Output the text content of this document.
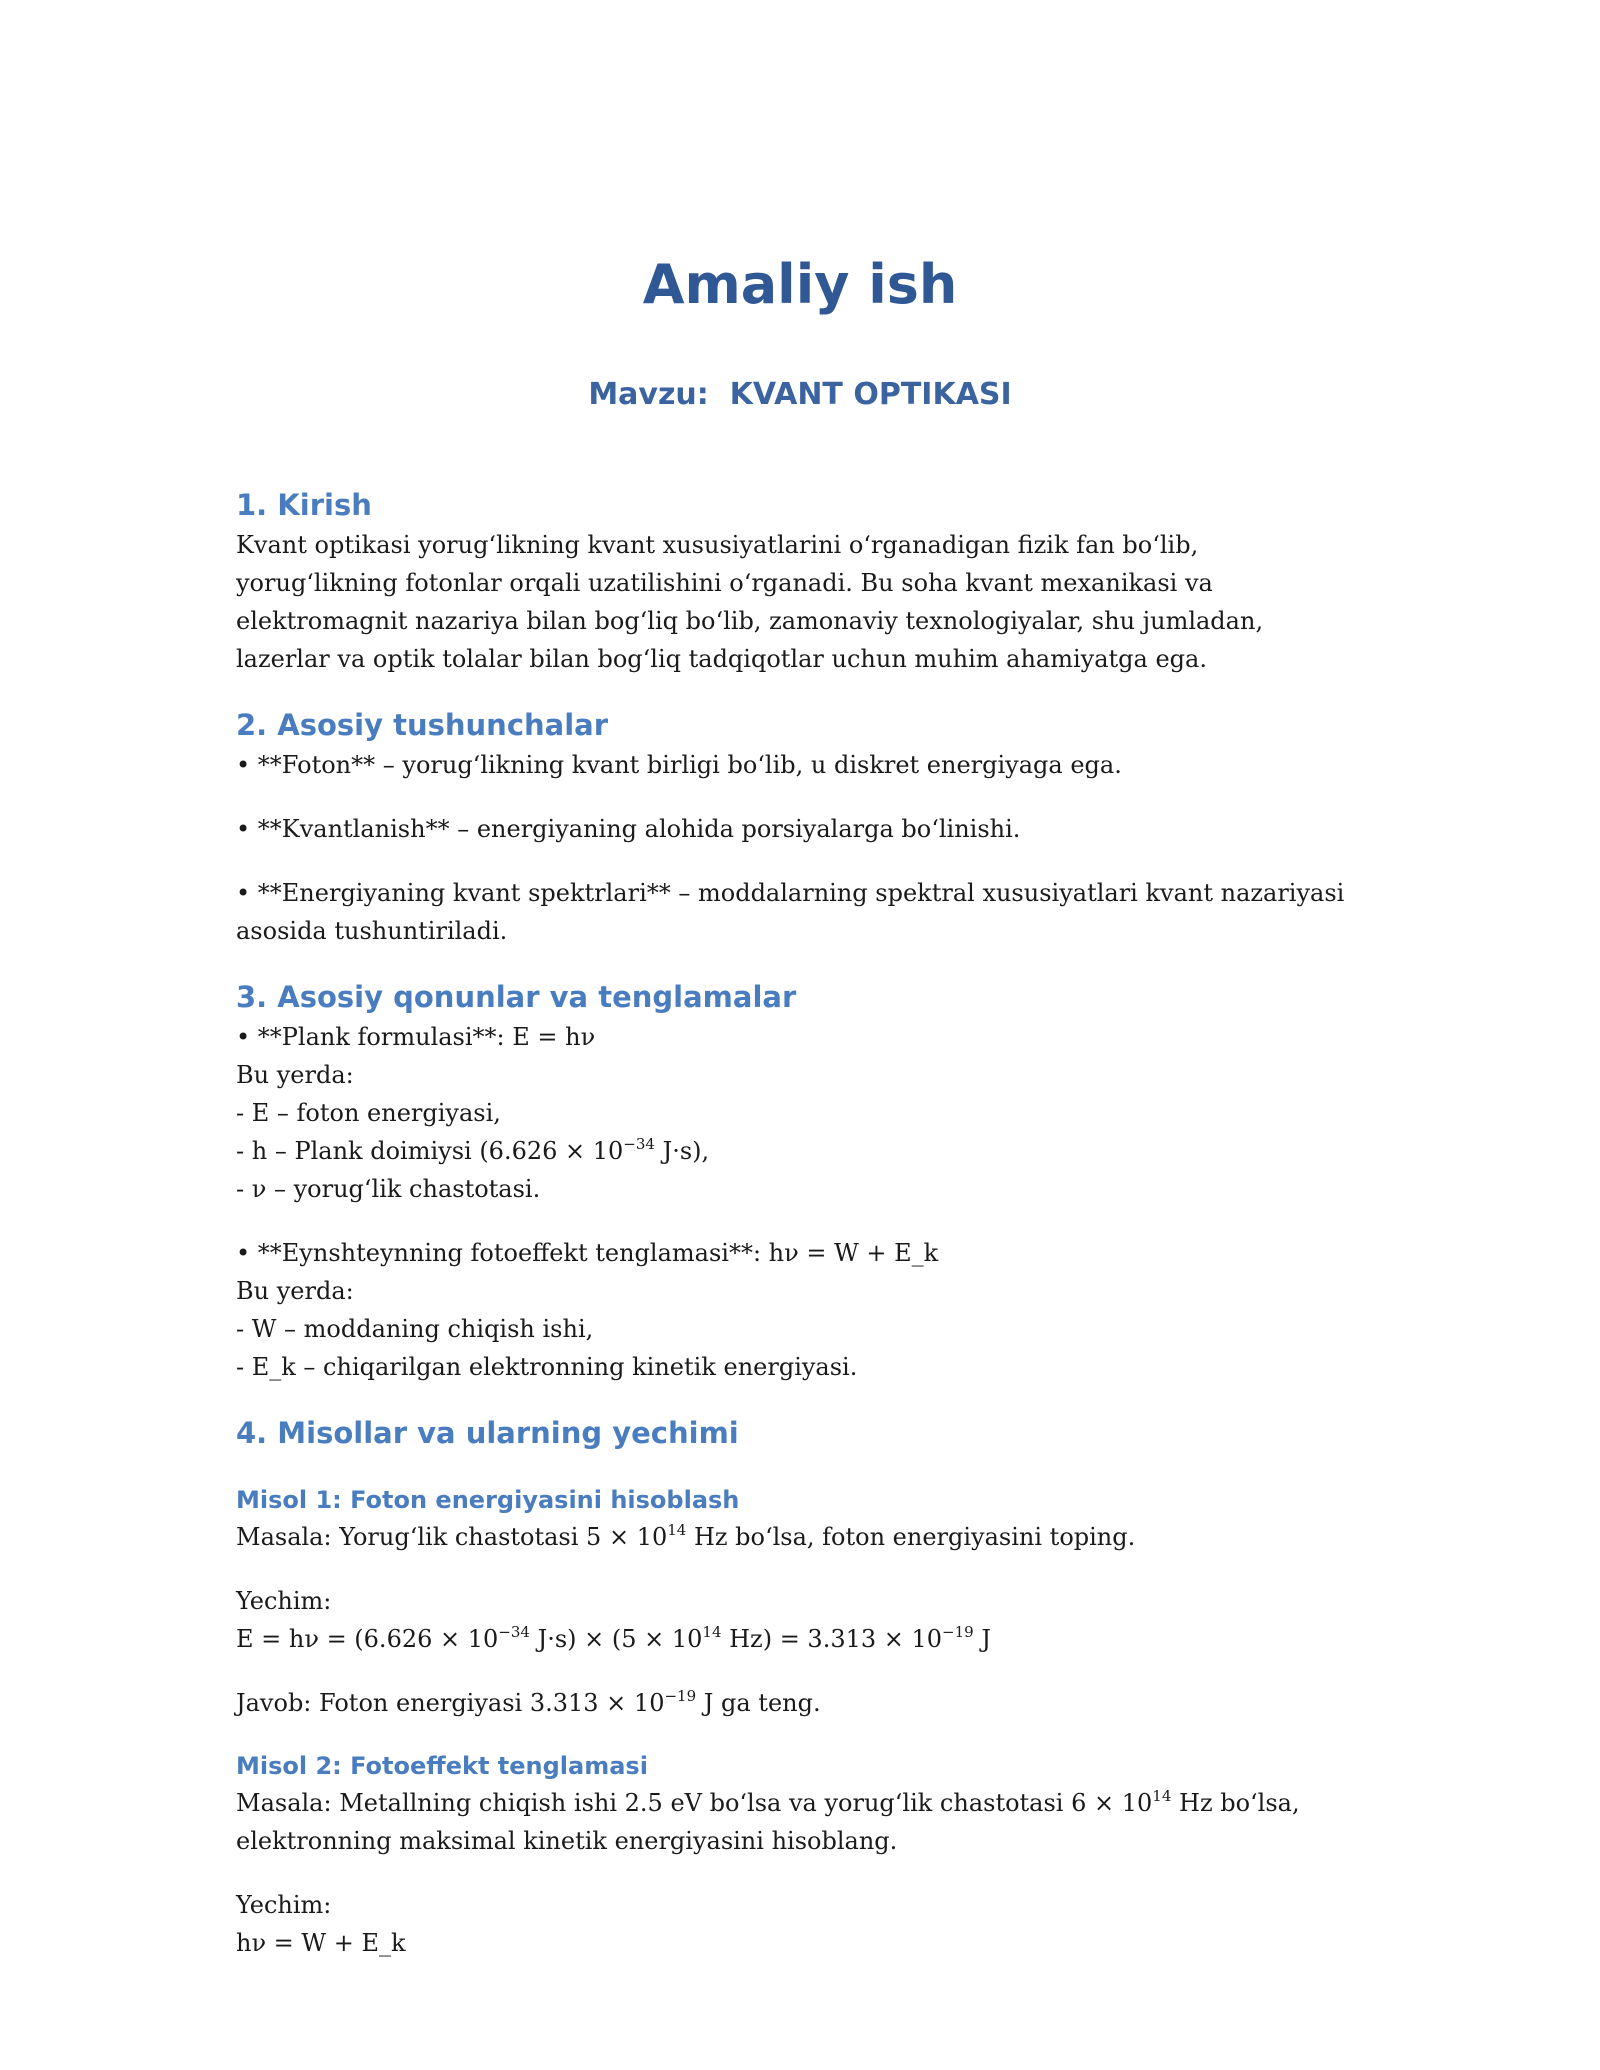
Amaliy ish
Mavzu:  KVANT OPTIKASI
1. Kirish

Kvant optikasi yorug‘likning kvant xususiyatlarini o‘rganadigan fizik fan bo‘lib,

yorug‘likning fotonlar orqali uzatilishini o‘rganadi. Bu soha kvant mexanikasi va

elektromagnit nazariya bilan bog‘liq bo‘lib, zamonaviy texnologiyalar, shu jumladan,

lazerlar va optik tolalar bilan bog‘liq tadqiqotlar uchun muhim ahamiyatga ega.

2. Asosiy tushunchalar

• **Foton** – yorug‘likning kvant birligi bo‘lib, u diskret energiyaga ega.

• **Kvantlanish** – energiyaning alohida porsiyalarga bo‘linishi.

• **Energiyaning kvant spektrlari** – moddalarning spektral xususiyatlari kvant nazariyasi

asosida tushuntiriladi.

3. Asosiy qonunlar va tenglamalar

• **Plank formulasi**: E = hν

Bu yerda:

- E – foton energiyasi,

- h – Plank doimiysi ($6.626 \times 10^{-34}$ J·s),

- ν – yorug‘lik chastotasi.

• **Eynshteynning fotoeffekt tenglamasi**: hν = W + E_k

Bu yerda:

- W – moddaning chiqish ishi,

- E_k – chiqarilgan elektronning kinetik energiyasi.

4. Misollar va ularning yechimi
Misol 1: Foton energiyasini hisoblash

Masala: Yorug‘lik chastotasi $5 \times 10^{14}$ Hz bo‘lsa, foton energiyasini toping.

Yechim:

$E = h\nu = (6.626 \times 10^{-34}$ $J\cdot s) \times (5 \times 10^{14}$ $Hz) = 3.313 \times 10^{-19}$ J

Javob: Foton energiyasi $3.313 \times 10^{-19}$ J ga teng.

Misol 2: Fotoeffekt tenglamasi

Masala: Metallning chiqish ishi 2.5 eV bo‘lsa va yorug‘lik chastotasi $6 \times 10^{14}$ Hz bo‘lsa,

elektronning maksimal kinetik energiyasini hisoblang.

Yechim:

hν = W + E_k
